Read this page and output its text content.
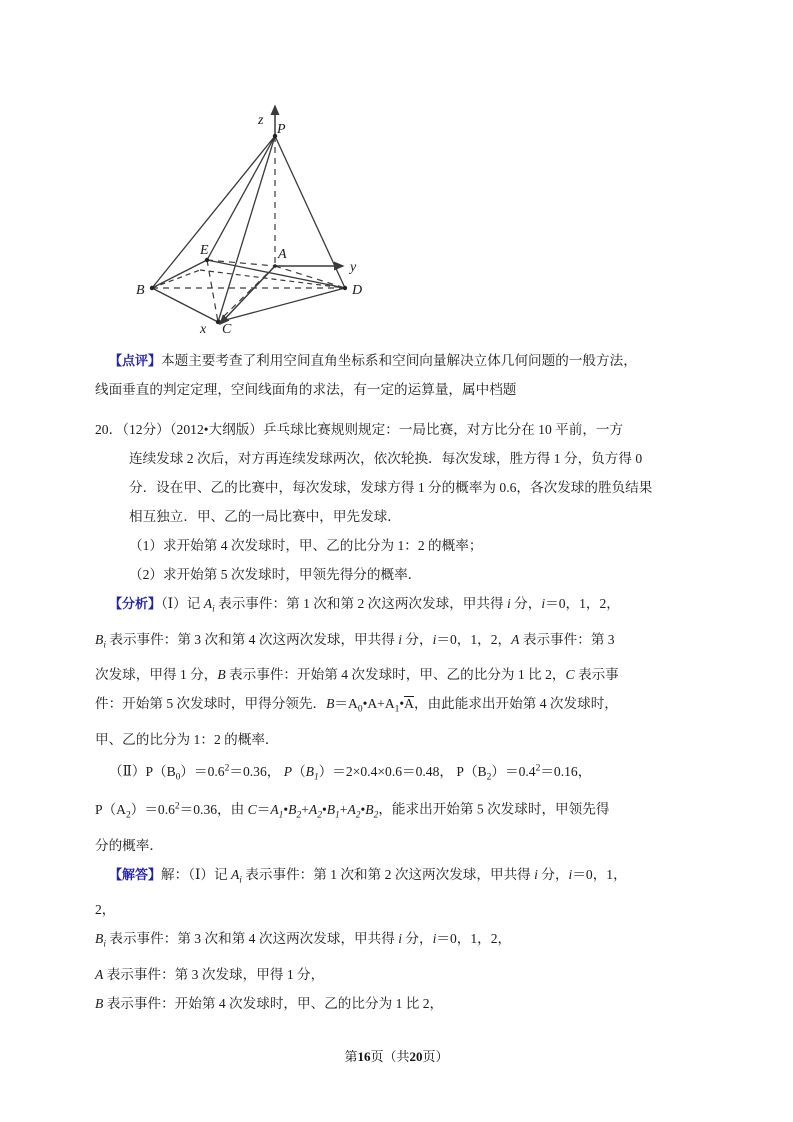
z
y
x
P
B	D
C
E	A

【点评】本题主要考查了利用空间直角坐标系和空间向量解决立体几何问题的一般方法，

线面垂直的判定定理，空间线面角的求法，有一定的运算量，属中档题

20．（12分）（2012•大纲版）乒乓球比赛规则规定：一局比赛，对方比分在 10 平前，一方

连续发球 2 次后，对方再连续发球两次，依次轮换．每次发球，胜方得 1 分，负方得 0

分．设在甲、乙的比赛中，每次发球，发球方得 1 分的概率为 0.6，各次发球的胜负结果

相互独立．甲、乙的一局比赛中，甲先发球．

（1）求开始第 4 次发球时，甲、乙的比分为 1：2 的概率；

（2）求开始第 5 次发球时，甲领先得分的概率．

【分析】（Ⅰ）记 $A_i$ 表示事件：第 1 次和第 2 次这两次发球，甲共得 i 分，i＝0，1，2，

$B_i$ 表示事件：第 3 次和第 4 次这两次发球，甲共得 i 分，i＝0，1，2，A 表示事件：第 3

次发球，甲得 1 分，B 表示事件：开始第 4 次发球时，甲、乙的比分为 1 比 2，C 表示事

件：开始第 5 次发球时，甲得分领先．$B=A_0•A+A_1•A$，由此能求出开始第 4 次发球时，

甲、乙的比分为 1：2 的概率．

$(Ⅱ)P(B_0)=0.6^2=0.36$， $P(B_1)=2\times 0.4\times 0.6=0.48$， $P(B_2)=0.4^2=0.16$，

$P(A_2)=0.6^2=0.36$，由 $C=A_1•B_2+A_2•B_1+A_2•B_2$，能求出开始第 5 次发球时，甲领先得

分的概率．

【解答】解：（Ⅰ）记 $A_i$ 表示事件：第 1 次和第 2 次这两次发球，甲共得 i 分，i＝0，1，

2，

$B_i$ 表示事件：第 3 次和第 4 次这两次发球，甲共得 i 分，i＝0，1，2，

A 表示事件：第 3 次发球，甲得 1 分，

B 表示事件：开始第 4 次发球时，甲、乙的比分为 1 比 2，

第16页（共20页）
